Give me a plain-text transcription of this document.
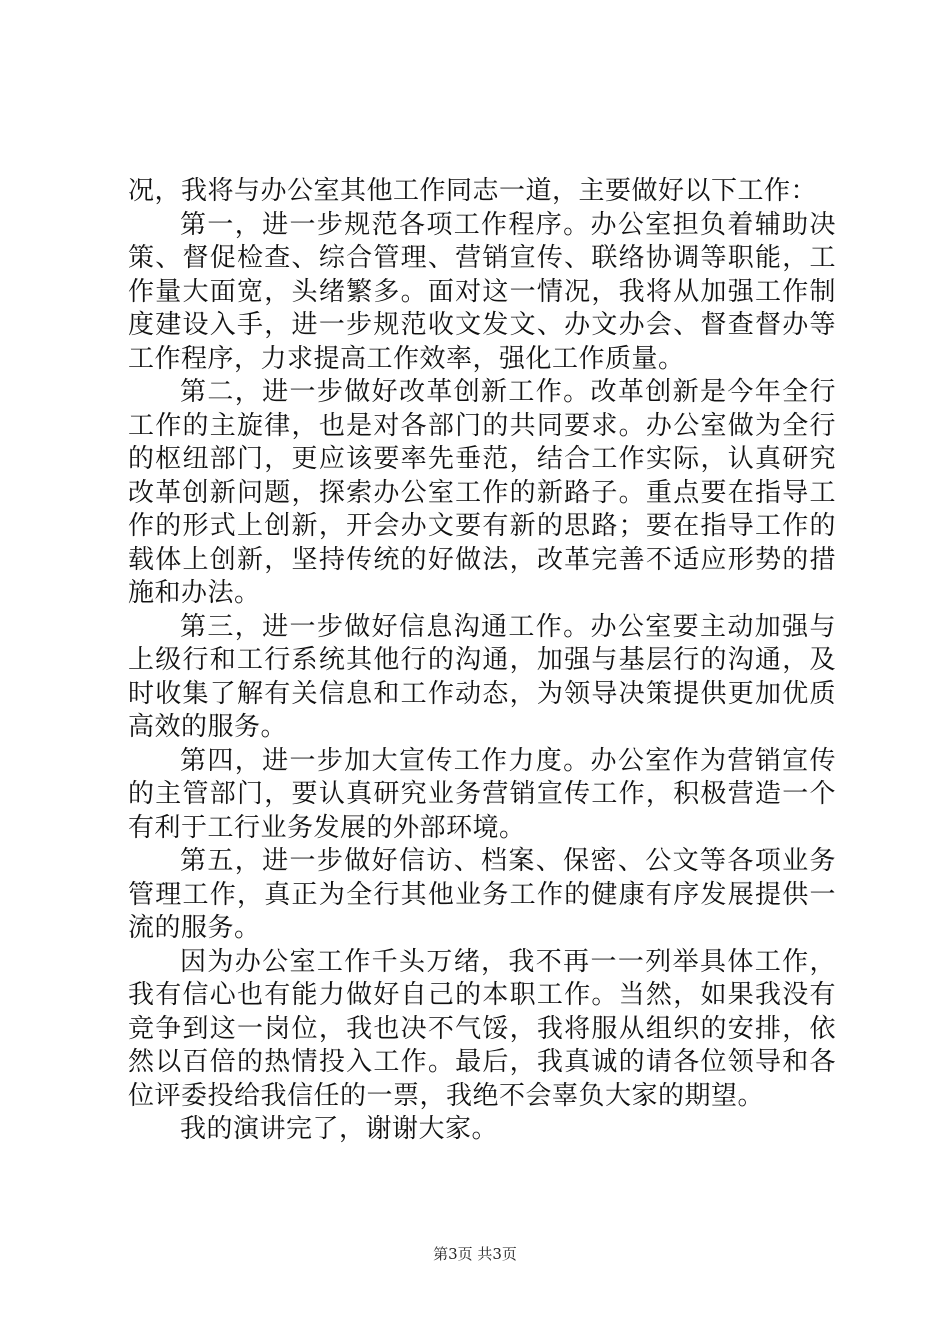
况，我将与办公室其他工作同志一道，主要做好以下工作：

第一，进一步规范各项工作程序。办公室担负着辅助决策、督促检查、综合管理、营销宣传、联络协调等职能，工作量大面宽，头绪繁多。面对这一情况，我将从加强工作制度建设入手，进一步规范收文发文、办文办会、督查督办等工作程序，力求提高工作效率，强化工作质量。

第二，进一步做好改革创新工作。改革创新是今年全行工作的主旋律，也是对各部门的共同要求。办公室做为全行的枢纽部门，更应该要率先垂范，结合工作实际，认真研究改革创新问题，探索办公室工作的新路子。重点要在指导工作的形式上创新，开会办文要有新的思路；要在指导工作的载体上创新，坚持传统的好做法，改革完善不适应形势的措施和办法。

第三，进一步做好信息沟通工作。办公室要主动加强与上级行和工行系统其他行的沟通，加强与基层行的沟通，及时收集了解有关信息和工作动态，为领导决策提供更加优质高效的服务。

第四，进一步加大宣传工作力度。办公室作为营销宣传的主管部门，要认真研究业务营销宣传工作，积极营造一个有利于工行业务发展的外部环境。

第五，进一步做好信访、档案、保密、公文等各项业务管理工作，真正为全行其他业务工作的健康有序发展提供一流的服务。

因为办公室工作千头万绪，我不再一一列举具体工作，我有信心也有能力做好自己的本职工作。当然，如果我没有竞争到这一岗位，我也决不气馁，我将服从组织的安排，依然以百倍的热情投入工作。最后，我真诚的请各位领导和各位评委投给我信任的一票，我绝不会辜负大家的期望。

我的演讲完了，谢谢大家。

第3页 共3页
